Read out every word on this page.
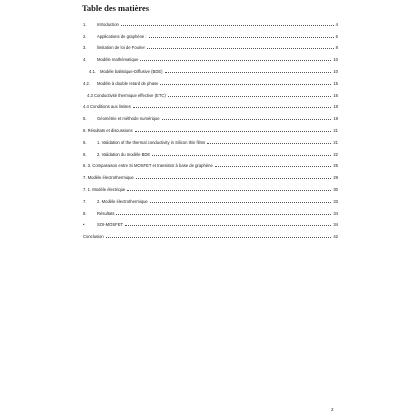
Table des matières
1.	Introduction	4
2.	Applications de graphène :	6
3.	limitation de loi de Fourier	8
4.	Modèle mathématique	10
4.1. Modèle balistique-Diffusive (BDE)	10
4.2. Modèle à double retard de phase	15
4.3 Conductivité thermique effective (ETC)	16
4.4 Conditions aux limites	18
5.	Géométrie et méthode numérique	19
6. Résultats et discussions	21
6.	1. Validation of the thermal conductivity in Silicon thin films	21
6.	2. Validation du modèle BDE	22
6. 3. Comparaison entre Si MOSFET et transistor à base de graphène	25
7. Modèle électrothermique	29
7. 1. Modèle électrique	30
7.	2. Modèle électrothermique	33
8.	Résultats	34
•	SOI-MOSFET	34
Conclusion	42
2
